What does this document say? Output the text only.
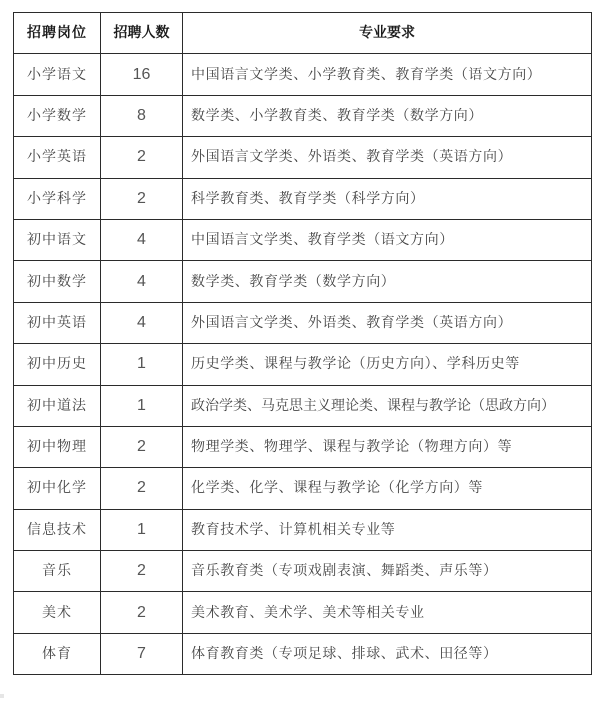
招聘岗位	招聘人数	专业要求
小学语文	16	中国语言文学类、小学教育类、教育学类（语文方向）
小学数学	8	数学类、小学教育类、教育学类（数学方向）
小学英语	2	外国语言文学类、外语类、教育学类（英语方向）
小学科学	2	科学教育类、教育学类（科学方向）
初中语文	4	中国语言文学类、教育学类（语文方向）
初中数学	4	数学类、教育学类（数学方向）
初中英语	4	外国语言文学类、外语类、教育学类（英语方向）
初中历史	1	历史学类、课程与教学论（历史方向）、学科历史等
初中道法	1	政治学类、马克思主义理论类、课程与教学论（思政方向）
初中物理	2	物理学类、物理学、课程与教学论（物理方向）等
初中化学	2	化学类、化学、课程与教学论（化学方向）等
信息技术	1	教育技术学、计算机相关专业等
音乐	2	音乐教育类（专项戏剧表演、舞蹈类、声乐等）
美术	2	美术教育、美术学、美术等相关专业
体育	7	体育教育类（专项足球、排球、武术、田径等）
